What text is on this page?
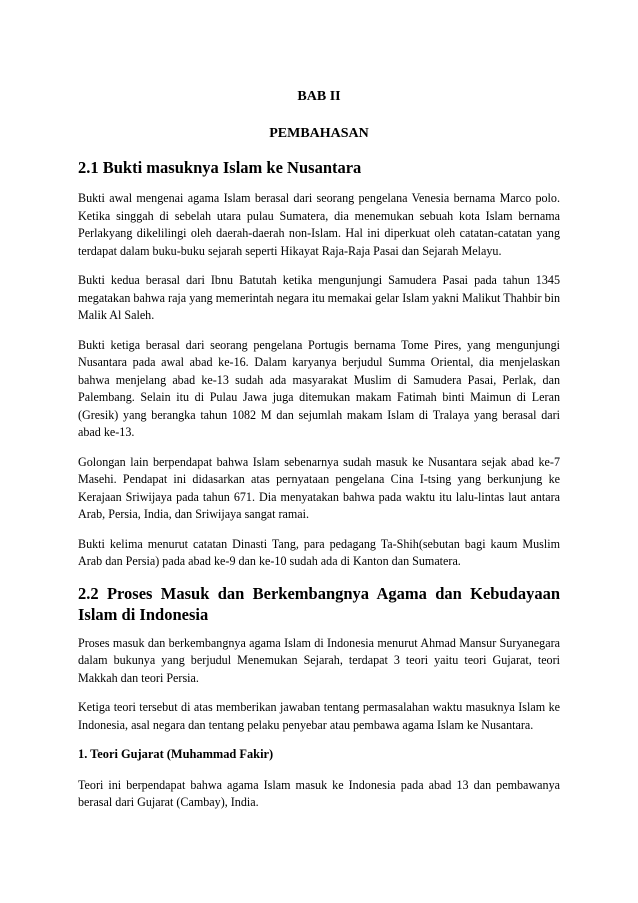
BAB II
PEMBAHASAN
2.1 Bukti masuknya Islam ke Nusantara

Bukti awal mengenai agama Islam berasal dari seorang pengelana Venesia bernama Marco polo. Ketika singgah di sebelah utara pulau Sumatera, dia menemukan sebuah kota Islam bernama Perlakyang dikelilingi oleh daerah-daerah non-Islam. Hal ini diperkuat oleh catatan-catatan yang terdapat dalam buku-buku sejarah seperti Hikayat Raja-Raja Pasai dan Sejarah Melayu.

Bukti kedua berasal dari Ibnu Batutah ketika mengunjungi Samudera Pasai pada tahun 1345 megatakan bahwa raja yang memerintah negara itu memakai gelar Islam yakni Malikut Thahbir bin Malik Al Saleh.

Bukti ketiga berasal dari seorang pengelana Portugis bernama Tome Pires, yang mengunjungi Nusantara pada awal abad ke-16. Dalam karyanya berjudul Summa Oriental, dia menjelaskan bahwa menjelang abad ke-13 sudah ada masyarakat Muslim di Samudera Pasai, Perlak, dan Palembang. Selain itu di Pulau Jawa juga ditemukan makam Fatimah binti Maimun di Leran (Gresik) yang berangka tahun 1082 M dan sejumlah makam Islam di Tralaya yang berasal dari abad ke-13.

Golongan lain berpendapat bahwa Islam sebenarnya sudah masuk ke Nusantara sejak abad ke-7 Masehi. Pendapat ini didasarkan atas pernyataan pengelana Cina I-tsing yang berkunjung ke Kerajaan Sriwijaya pada tahun 671. Dia menyatakan bahwa pada waktu itu lalu-lintas laut antara Arab, Persia, India, dan Sriwijaya sangat ramai.

Bukti kelima menurut catatan Dinasti Tang, para pedagang Ta-Shih(sebutan bagi kaum Muslim Arab dan Persia) pada abad ke-9 dan ke-10 sudah ada di Kanton dan Sumatera.

2.2 Proses Masuk dan Berkembangnya Agama dan Kebudayaan Islam di Indonesia

Proses masuk dan berkembangnya agama Islam di Indonesia menurut Ahmad Mansur Suryanegara dalam bukunya yang berjudul Menemukan Sejarah, terdapat 3 teori yaitu teori Gujarat, teori Makkah dan teori Persia.

Ketiga teori tersebut di atas memberikan jawaban tentang permasalahan waktu masuknya Islam ke Indonesia, asal negara dan tentang pelaku penyebar atau pembawa agama Islam ke Nusantara.

1. Teori Gujarat (Muhammad Fakir)

Teori ini berpendapat bahwa agama Islam masuk ke Indonesia pada abad 13 dan pembawanya berasal dari Gujarat (Cambay), India.
